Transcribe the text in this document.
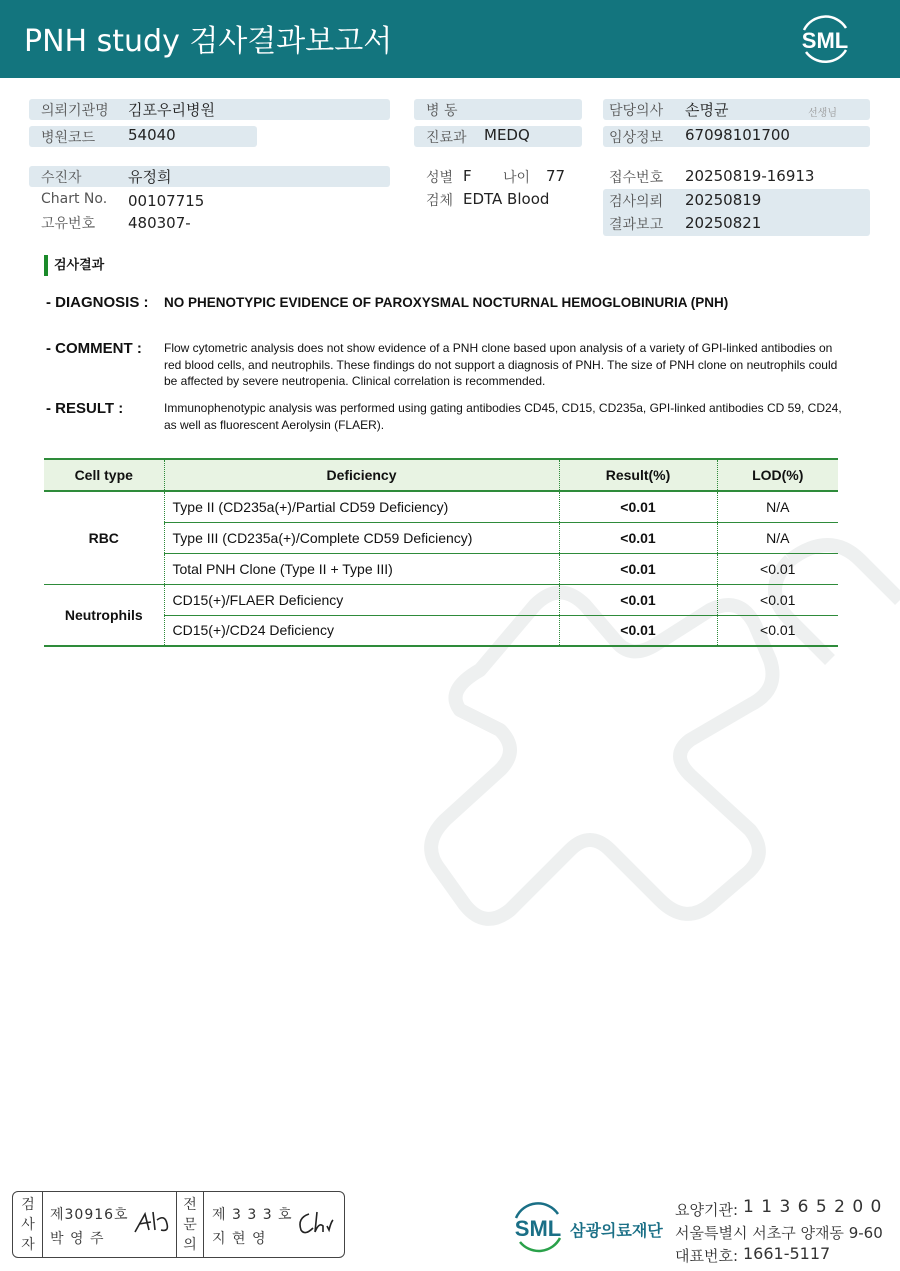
PNH study 검사결과보고서	SML
의뢰기관명 김포우리병원
병원코드 54040
병 동
진료과 MEDQ
담당의사 손명균	선생님
임상정보 67098101700
수진자	유정희
Chart No. 00107715
고유번호 480307-
성별 F 나이 77
검체 EDTA Blood
접수번호 20250819-16913
검사의뢰 20250819
결과보고 20250821
검사결과
- DIAGNOSIS : NO PHENOTYPIC EVIDENCE OF PAROXYSMAL NOCTURNAL HEMOGLOBINURIA (PNH)
- COMMENT : Flow cytometric analysis does not show evidence of a PNH clone based upon analysis of a variety of GPI-linked antibodies on red blood cells, and neutrophils. These findings do not support a diagnosis of PNH. The size of PNH clone on neutrophils could be affected by severe neutropenia. Clinical correlation is recommended.
- RESULT :	Immunophenotypic analysis was performed using gating antibodies CD45, CD15, CD235a, GPI-linked antibodies CD 59, CD24, as well as fluorescent Aerolysin (FLAER).
Cell type	Deficiency	Result(%)	LOD(%)
RBC	Type II (CD235a(+)/Partial CD59 Deficiency)	<0.01	N/A
	Type III (CD235a(+)/Complete CD59 Deficiency)	<0.01	N/A
	Total PNH Clone (Type II + Type III)	<0.01	<0.01
Neutrophils	CD15(+)/FLAER Deficiency	<0.01	<0.01
	CD15(+)/CD24 Deficiency	<0.01	<0.01
검사자
제30916호
박 영 주
전문의
제 3 3 3 호
지 현 영	SML 삼광의료재단
요양기관: 1 1 3 6 5 2 0 0
서울특별시 서초구 양재동 9-60
대표번호: 1661-5117
